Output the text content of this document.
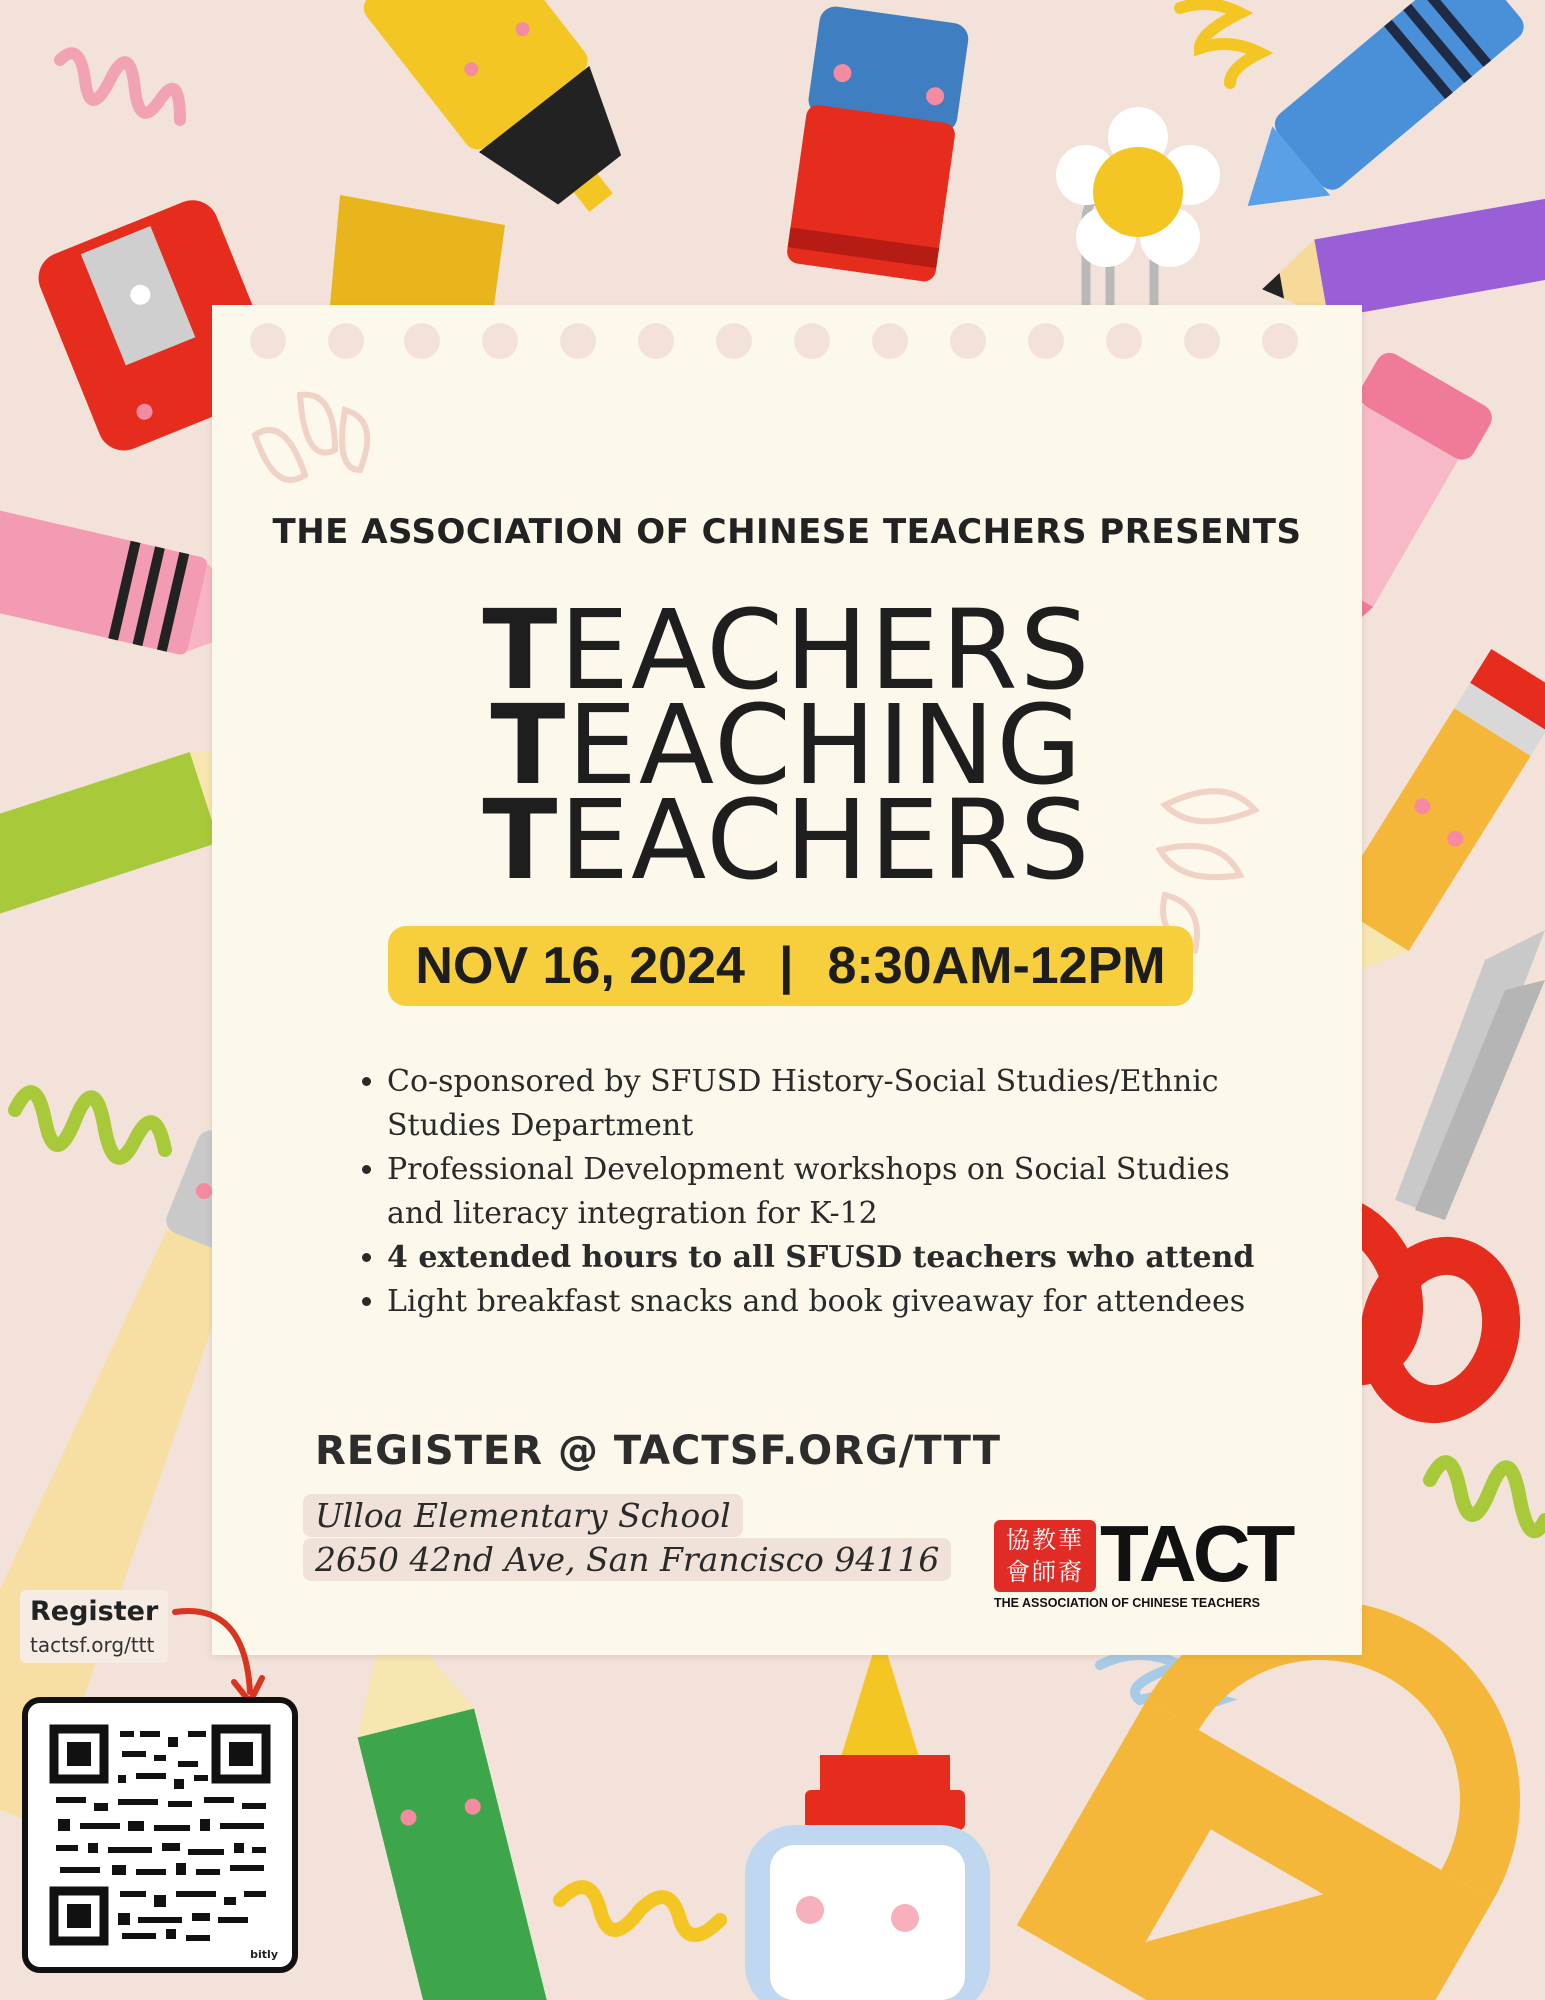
THE ASSOCIATION OF CHINESE TEACHERS PRESENTS
TEACHERS
TEACHING
TEACHERS
NOV 16, 2024 | 8:30AM-12PM
• Co-sponsored by SFUSD History-Social Studies/Ethnic Studies Department
• Professional Development workshops on Social Studies and literacy integration for K-12
• 4 extended hours to all SFUSD teachers who attend
• Light breakfast snacks and book giveaway for attendees
REGISTER @ TACTSF.ORG/TTT
Ulloa Elementary School
2650 42nd Ave, San Francisco 94116	協教華
會師裔 TACT
THE ASSOCIATION OF CHINESE TEACHERS
Register
tactsf.org/ttt
bitly
